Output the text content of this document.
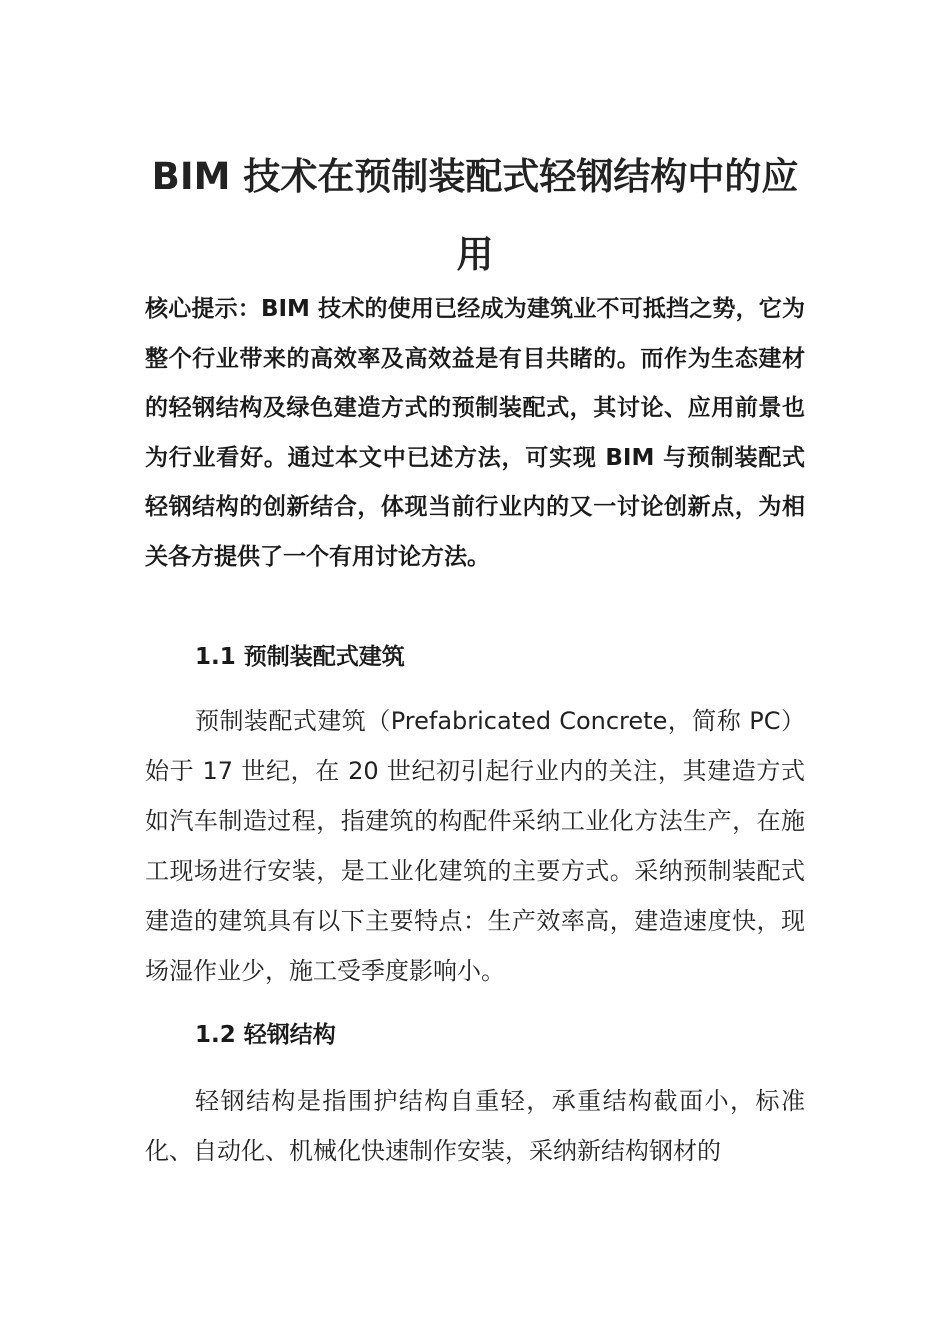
BIM 技术在预制装配式轻钢结构中的应用

核心提示：BIM 技术的使用已经成为建筑业不可抵挡之势，它为整个行业带来的高效率及高效益是有目共睹的。而作为生态建材的轻钢结构及绿色建造方式的预制装配式，其讨论、应用前景也为行业看好。通过本文中已述方法，可实现 BIM 与预制装配式轻钢结构的创新结合，体现当前行业内的又一讨论创新点，为相关各方提供了一个有用讨论方法。

1.1 预制装配式建筑

预制装配式建筑（Prefabricated Concrete，简称 PC）始于 17 世纪，在 20 世纪初引起行业内的关注，其建造方式如汽车制造过程，指建筑的构配件采纳工业化方法生产，在施工现场进行安装，是工业化建筑的主要方式。采纳预制装配式建造的建筑具有以下主要特点：生产效率高，建造速度快，现场湿作业少，施工受季度影响小。

1.2 轻钢结构

轻钢结构是指围护结构自重轻，承重结构截面小，标准化、自动化、机械化快速制作安装，采纳新结构钢材的
